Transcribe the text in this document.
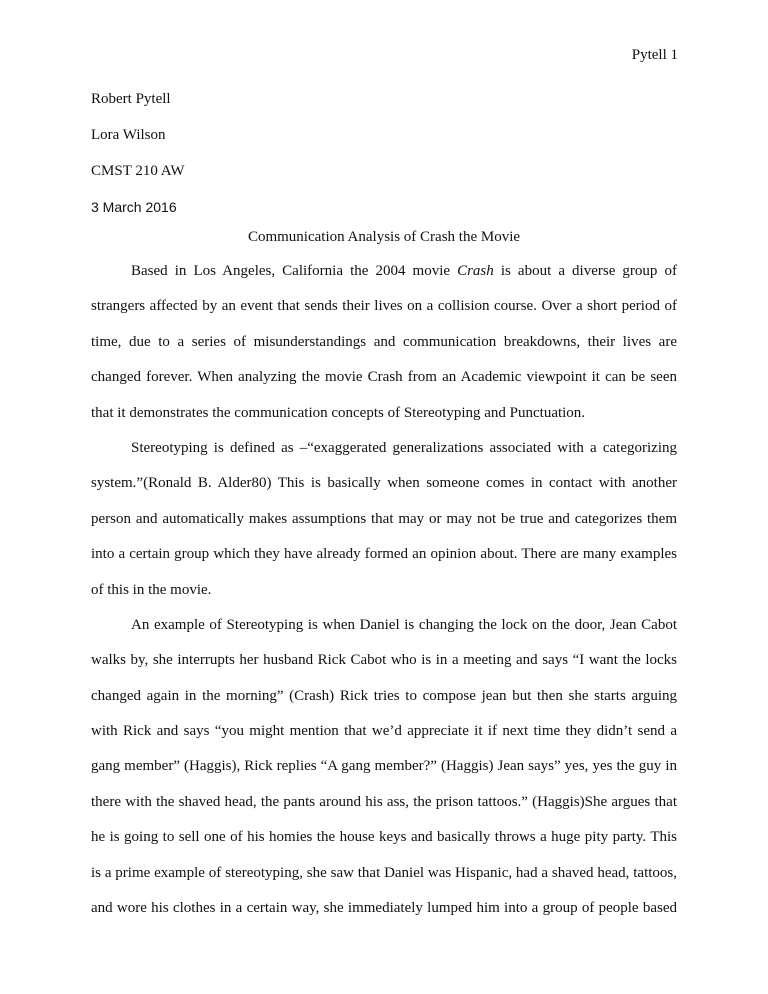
Pytell 1
Robert Pytell
Lora Wilson
CMST 210 AW
3 March 2016
Communication Analysis of Crash the Movie
Based in Los Angeles, California the 2004 movie Crash is about a diverse group of
strangers affected by an event that sends their lives on a collision course. Over a short period of
time, due to a series of misunderstandings and communication breakdowns, their lives are
changed forever. When analyzing the movie Crash from an Academic viewpoint it can be seen
that it demonstrates the communication concepts of Stereotyping and Punctuation.
Stereotyping is defined as –“exaggerated generalizations associated with a categorizing
system.”(Ronald B. Alder80) This is basically when someone comes in contact with another
person and automatically makes assumptions that may or may not be true and categorizes them
into a certain group which they have already formed an opinion about. There are many examples
of this in the movie.
An example of Stereotyping is when Daniel is changing the lock on the door, Jean Cabot
walks by, she interrupts her husband Rick Cabot who is in a meeting and says “I want the locks
changed again in the morning” (Crash) Rick tries to compose jean but then she starts arguing
with Rick and says “you might mention that we’d appreciate it if next time they didn’t send a
gang member” (Haggis), Rick replies “A gang member?” (Haggis) Jean says” yes, yes the guy in
there with the shaved head, the pants around his ass, the prison tattoos.” (Haggis)She argues that
he is going to sell one of his homies the house keys and basically throws a huge pity party. This
is a prime example of stereotyping, she saw that Daniel was Hispanic, had a shaved head, tattoos,
and wore his clothes in a certain way, she immediately lumped him into a group of people based
